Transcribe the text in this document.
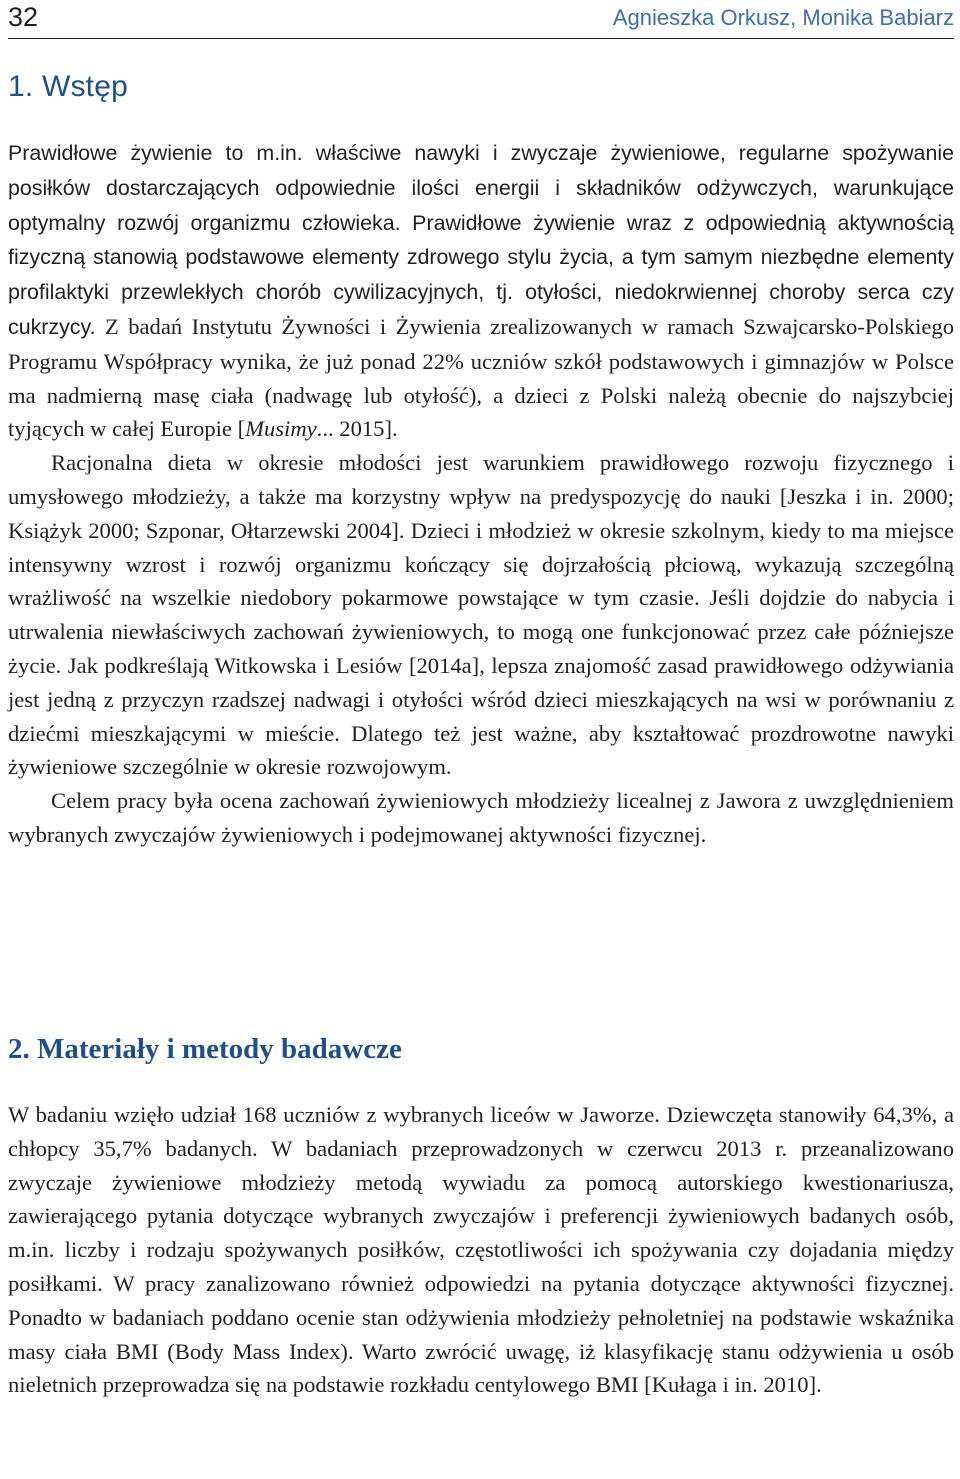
32	Agnieszka Orkusz, Monika Babiarz
1. Wstęp

Prawidłowe żywienie to m.in. właściwe nawyki i zwyczaje żywieniowe, regularne spożywanie posiłków dostarczających odpowiednie ilości energii i składników odżywczych, warunkujące optymalny rozwój organizmu człowieka. Prawidłowe żywienie wraz z odpowiednią aktywnością fizyczną stanowią podstawowe elementy zdrowego stylu życia, a tym samym niezbędne elementy profilaktyki przewlekłych chorób cywilizacyjnych, tj. otyłości, niedokrwiennej choroby serca czy cukrzycy. Z badań Instytutu Żywności i Żywienia zrealizowanych w ramach Szwajcarsko-Polskiego Programu Współpracy wynika, że już ponad 22% uczniów szkół podstawowych i gimnazjów w Polsce ma nadmierną masę ciała (nadwagę lub otyłość), a dzieci z Polski należą obecnie do najszybciej tyjących w całej Europie [Musimy... 2015].

Racjonalna dieta w okresie młodości jest warunkiem prawidłowego rozwoju fizycznego i umysłowego młodzieży, a także ma korzystny wpływ na predyspozycję do nauki [Jeszka i in. 2000; Książyk 2000; Szponar, Ołtarzewski 2004]. Dzieci i młodzież w okresie szkolnym, kiedy to ma miejsce intensywny wzrost i rozwój organizmu kończący się dojrzałością płciową, wykazują szczególną wrażliwość na wszelkie niedobory pokarmowe powstające w tym czasie. Jeśli dojdzie do nabycia i utrwalenia niewłaściwych zachowań żywieniowych, to mogą one funkcjonować przez całe późniejsze życie. Jak podkreślają Witkowska i Lesiów [2014a], lepsza znajomość zasad prawidłowego odżywiania jest jedną z przyczyn rzadszej nadwagi i otyłości wśród dzieci mieszkających na wsi w porównaniu z dziećmi mieszkającymi w mieście. Dlatego też jest ważne, aby kształtować prozdrowotne nawyki żywieniowe szczególnie w okresie rozwojowym.

Celem pracy była ocena zachowań żywieniowych młodzieży licealnej z Jawora z uwzględnieniem wybranych zwyczajów żywieniowych i podejmowanej aktywności fizycznej.

2. Materiały i metody badawcze

W badaniu wzięło udział 168 uczniów z wybranych liceów w Jaworze. Dziewczęta stanowiły 64,3%, a chłopcy 35,7% badanych. W badaniach przeprowadzonych w czerwcu 2013 r. przeanalizowano zwyczaje żywieniowe młodzieży metodą wywiadu za pomocą autorskiego kwestionariusza, zawierającego pytania dotyczące wybranych zwyczajów i preferencji żywieniowych badanych osób, m.in. liczby i rodzaju spożywanych posiłków, częstotliwości ich spożywania czy dojadania między posiłkami. W pracy zanalizowano również odpowiedzi na pytania dotyczące aktywności fizycznej. Ponadto w badaniach poddano ocenie stan odżywienia młodzieży pełnoletniej na podstawie wskaźnika masy ciała BMI (Body Mass Index). Warto zwrócić uwagę, iż klasyfikację stanu odżywienia u osób nieletnich przeprowadza się na podstawie rozkładu centylowego BMI [Kułaga i in. 2010].
